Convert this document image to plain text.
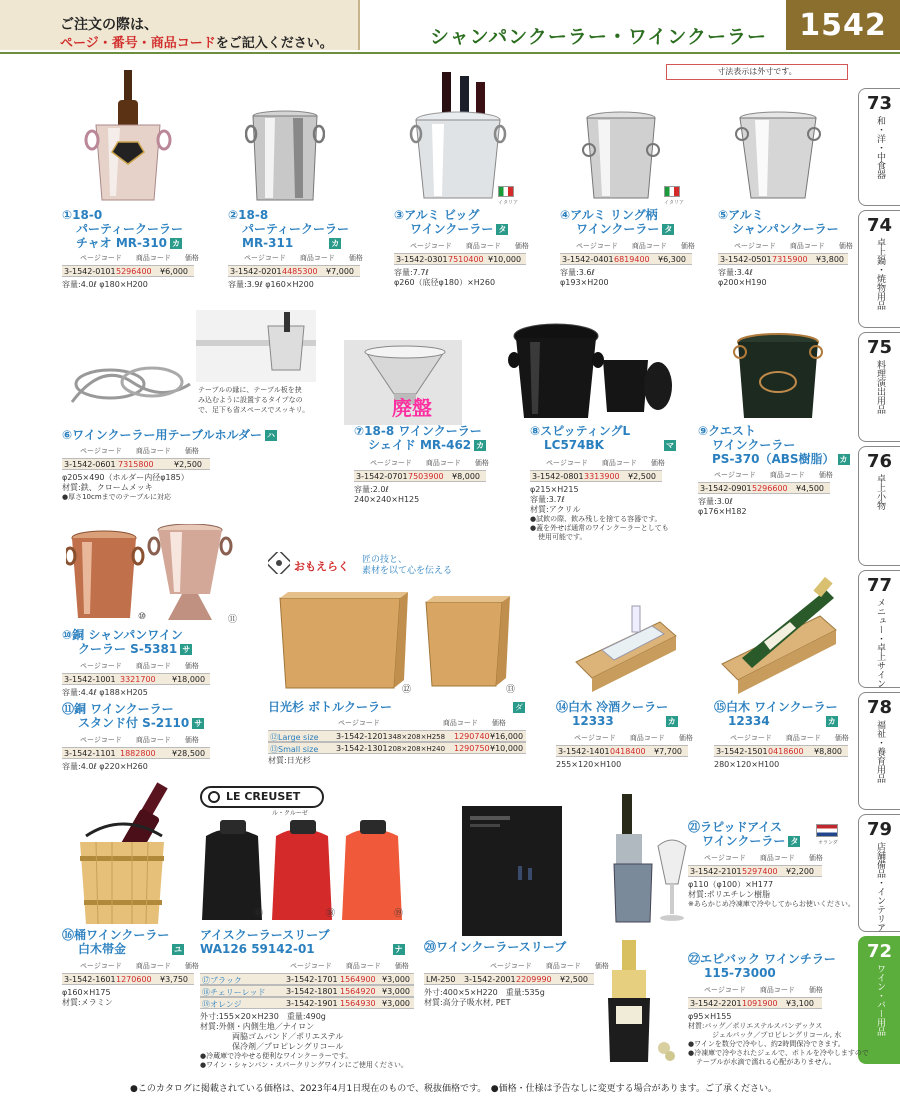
ご注文の際は、
ページ・番号・商品コードをご記入ください。	シャンパンクーラー・ワインクーラー	1542
寸法表示は外寸です。
73
和・洋・中食器
74
卓上鍋・焼物用品
75
料理演出用品
76
卓上小物
77
メニュー・卓上サイン
78
福祉・養育用品
79
店舗備品・インテリア
72
ワイン・バー用品
①18-0
パーティークーラー
チャオ MR-310 カ
ページコード　　 商品コード　　 価格
3-1542-0101 5296400 ¥6,000
容量:4.0ℓ φ180×H200
②18-8
パーティークーラー
MR-311	カ
ページコード　　 商品コード　　 価格
3-1542-0201 4485300 ¥7,000
容量:3.9ℓ φ160×H200
③アルミ ビッグ
ワインクーラー タ
イタリア
ページコード　　 商品コード　　 価格
3-1542-0301 7510400 ¥10,000
容量:7.7ℓ
φ260（底径φ180）×H260
④アルミ リング柄
ワインクーラー タ
イタリア
ページコード　　 商品コード　　 価格
3-1542-0401 6819400 ¥6,300
容量:3.6ℓ
φ193×H200
⑤アルミ
シャンパンクーラー
ページコード　　 商品コード　　 価格
3-1542-0501 7315900 ¥3,800
容量:3.4ℓ
φ200×H190
テーブルの縁に、テーブル板を挟
み込むように設置するタイプなの
で、足下も省スペースでスッキリ。
⑥ワインクーラー用テーブルホルダー ハ
ページコード　　 商品コード　　 価格
3-1542-0601 7315800	¥2,500
φ205×490（ホルダー内径φ185）
材質:鉄、クロームメッキ
●厚さ10cmまでのテーブルに対応
廃盤
⑦18-8 ワインクーラー
シェイド MR-462 カ
ページコード　　 商品コード　　 価格
3-1542-0701 7503900 ¥8,000
容量:2.0ℓ
240×240×H125
⑧スピッティングL
LC574BK	マ
ページコード　　 商品コード　　 価格
3-1542-0801 3313900 ¥2,500
φ215×H215
容量:3.7ℓ
材質:アクリル
●試飲の際、飲み残しを捨てる容器です。
●蓋を外せば通常のワインクーラーとしても
使用可能です。
⑨クエスト
ワインクーラー
PS-370（ABS樹脂） カ
ページコード　　 商品コード　　 価格
3-1542-0901 5296600 ¥4,500
容量:3.0ℓ
φ176×H182
⑩	⑪
⑩銅 シャンパンワイン
クーラー S-5381 サ
ページコード　　 商品コード　　 価格
3-1542-1001 3321700 ¥18,000
容量:4.4ℓ φ188×H205
⑪銅 ワインクーラー
スタンド付 S-2110 サ
ページコード　　 商品コード　　 価格
3-1542-1101 1882800 ¥28,500
容量:4.0ℓ φ220×H260
おもえらく 匠の技と、
素材を以て心を伝える
⑫	⑬
日光杉 ボトルクーラー	ダ
ページコード　　　　　　　　　	商品コード　　 価格
⑫Large size 3-1542-1201 348×208×H258 1290740 ¥16,000
⑬Small size 3-1542-1301 208×208×H240 1290750 ¥10,000
材質:日光杉
⑭白木 冷酒クーラー
12333	カ
ページコード　　 商品コード　　 価格
3-1542-1401 0418400 ¥7,700
255×120×H100
⑮白木 ワインクーラー
12334	カ
ページコード　　 商品コード　　 価格
3-1542-1501 0418600 ¥8,800
280×120×H100
⑯桶ワインクーラー
白木帯金	ユ
ページコード　　 商品コード　　 価格
3-1542-1601 1270600 ¥3,750
φ160×H175
材質:メラミン
LE CREUSET
ル・クルーゼ
⑰	⑱	⑲
アイスクーラースリーブ
WA126 59142-01	ナ
ページコード　　 商品コード　　 価格
⑰ブラック	3-1542-1701 1564900 ¥3,000
⑱チェリーレッド	3-1542-1801 1564920 ¥3,000
⑲オレンジ	3-1542-1901 1564930 ¥3,000
外寸:155×20×H230　重量:490g
材質:外側・内側生地／ナイロン
両脇ゴムバンド／ポリエステル
保冷剤／プロピレングリコール
●冷蔵庫で冷やせる便利なワインクーラーです。
●ワイン・シャンパン・スパークリングワインにご使用ください。
⑳ワインクーラースリーブ
ページコード　　 商品コード　　 価格
LM-250 3-1542-2001 2209990 ¥2,500
外寸:400×5×H220　重量:535g
材質:高分子吸水材, PET
㉑ラピッドアイス
ワインクーラー タ	オランダ
ページコード　　 商品コード　　 価格
3-1542-2101 5297400 ¥2,200
φ110（φ100）×H177
材質:ポリエチレン樹脂
※あらかじめ冷凍庫で冷やしてからお使いください。
㉒エピバック ワインチラー
115-73000
ページコード　　 商品コード　　 価格
3-1542-2201 1091900 ¥3,100
φ95×H155
材質:バッグ／ポリエステルスパンデックス
ジェルパック／プロピレングリコール, 水
●ワインを数分で冷やし、約2時間保冷できます。
●冷凍庫で冷やされたジェルで、ボトルを冷やしますので
テーブルが水滴で濡れる心配がありません。
●このカタログに掲載されている価格は、2023年4月1日現在のもので、税抜価格です。　●価格・仕様は予告なしに変更する場合があります。ご了承ください。
